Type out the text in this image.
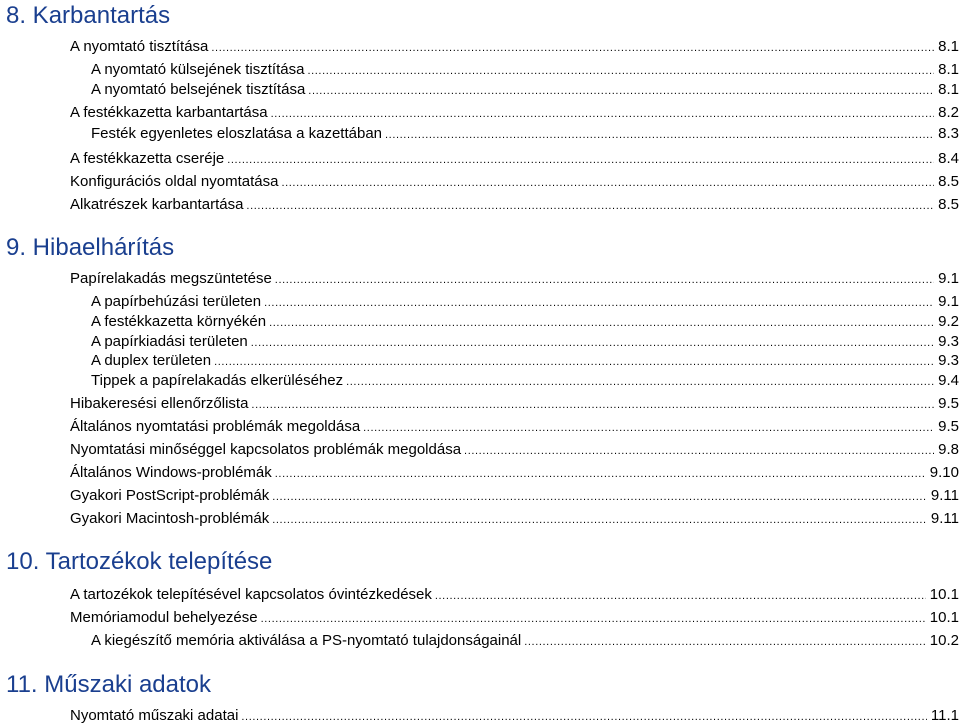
8. Karbantartás
A nyomtató tisztítása .....	8.1
A nyomtató külsejének tisztítása .....	8.1
A nyomtató belsejének tisztítása .....	8.1
A festékkazetta karbantartása .....	8.2
Festék egyenletes eloszlatása a kazettában .....	8.3
A festékkazetta cseréje .....	8.4
Konfigurációs oldal nyomtatása .....	8.5
Alkatrészek karbantartása .....	8.5
9. Hibaelhárítás
Papírelakadás megszüntetése .....	9.1
A papírbehúzási területen .....	9.1
A festékkazetta környékén .....	9.2
A papírkiadási területen .....	9.3
A duplex területen .....	9.3
Tippek a papírelakadás elkerüléséhez .....	9.4
Hibakeresési ellenőrzőlista .....	9.5
Általános nyomtatási problémák megoldása .....	9.5
Nyomtatási minőséggel kapcsolatos problémák megoldása .....	9.8
Általános Windows-problémák .....	9.10
Gyakori PostScript-problémák .....	9.11
Gyakori Macintosh-problémák .....	9.11
10. Tartozékok telepítése
A tartozékok telepítésével kapcsolatos óvintézkedések .....	10.1
Memóriamodul behelyezése .....	10.1
A kiegészítő memória aktiválása a PS-nyomtató tulajdonságainál .....	10.2
11. Műszaki adatok
Nyomtató műszaki adatai .....	11.1
